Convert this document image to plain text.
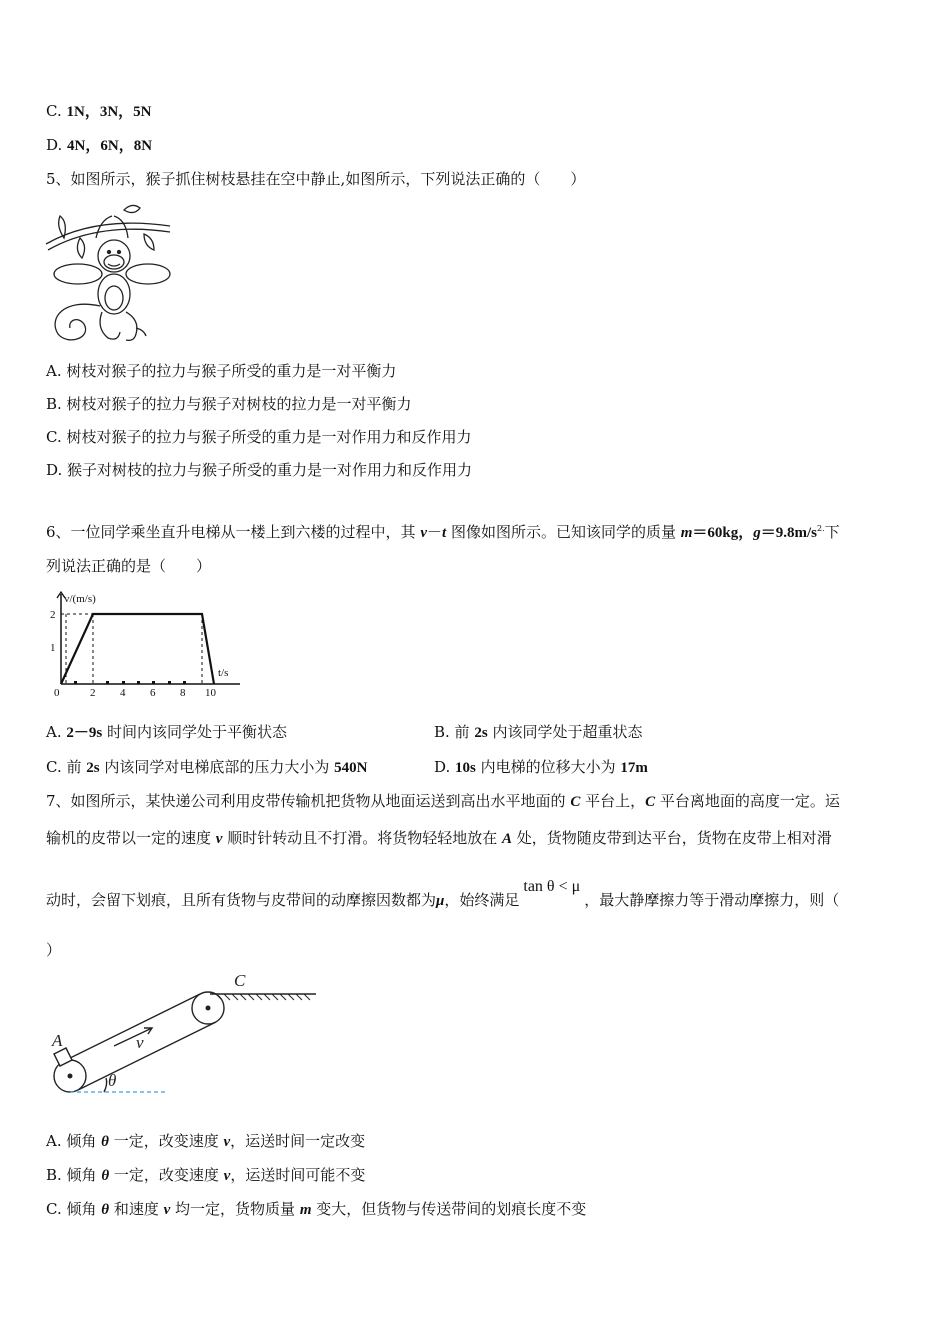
C. 1N，3N，5N
D. 4N，6N，8N
5、如图所示，猴子抓住树枝悬挂在空中静止,如图所示，下列说法正确的（　　）
A. 树枝对猴子的拉力与猴子所受的重力是一对平衡力
B. 树枝对猴子的拉力与猴子对树枝的拉力是一对平衡力
C. 树枝对猴子的拉力与猴子所受的重力是一对作用力和反作用力
D. 猴子对树枝的拉力与猴子所受的重力是一对作用力和反作用力
6、一位同学乘坐直升电梯从一楼上到六楼的过程中，其 v－t 图像如图所示。已知该同学的质量 m＝60kg，$g=9.8m/s^{2.}$下
列说法正确的是（　　）
v/(m/s)
t/s
2
1
0	2 4 6 8 10
A. 2－9s 时间内该同学处于平衡状态	B. 前 2s 内该同学处于超重状态
C. 前 2s 内该同学对电梯底部的压力大小为 540N	D. 10s 内电梯的位移大小为 17m
7、如图所示，某快递公司利用皮带传输机把货物从地面运送到高出水平地面的 C 平台上，C 平台离地面的高度一定。运
输机的皮带以一定的速度 v 顺时针转动且不打滑。将货物轻轻地放在 A 处，货物随皮带到达平台，货物在皮带上相对滑
动时，会留下划痕，且所有货物与皮带间的动摩擦因数都为μ，始终满足tan θ < μ，最大静摩擦力等于滑动摩擦力，则（
）
C
A	v
θ
A. 倾角 θ 一定，改变速度 v，运送时间一定改变
B. 倾角 θ 一定，改变速度 v，运送时间可能不变
C. 倾角 θ 和速度 v 均一定，货物质量 m 变大，但货物与传送带间的划痕长度不变
